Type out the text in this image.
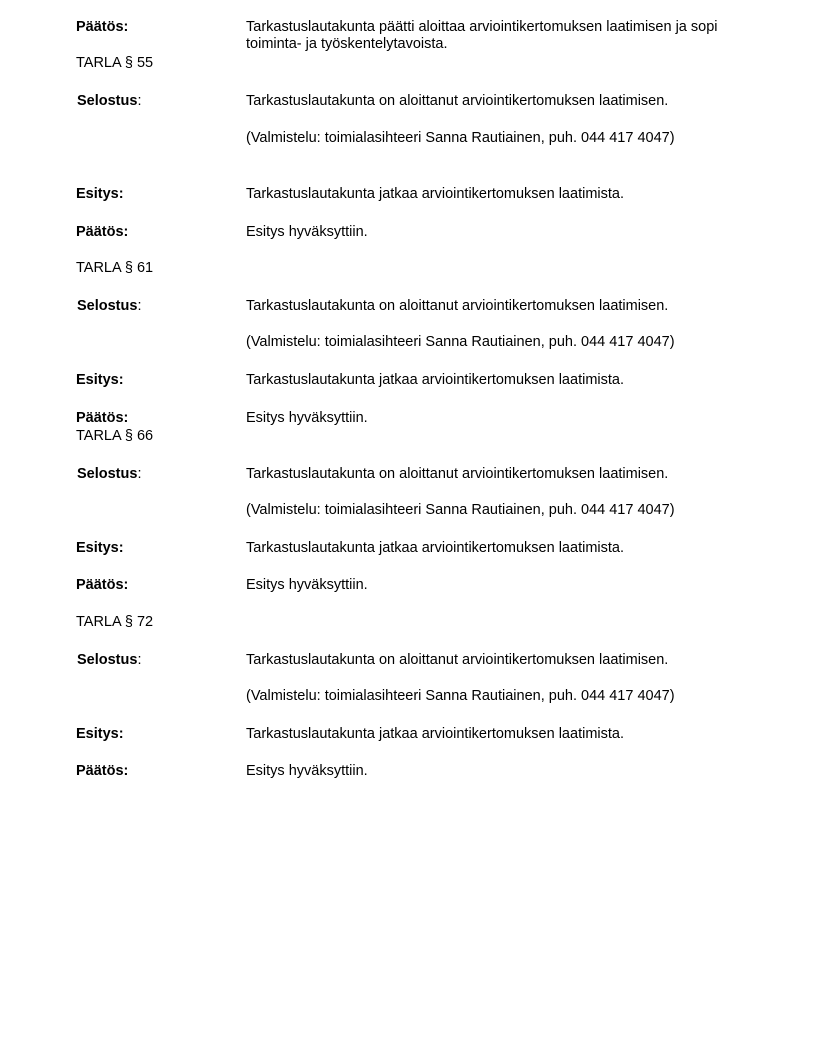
Päätös:	Tarkastuslautakunta päätti aloittaa arviointikertomuksen laatimisen ja sopi toiminta- ja työskentelytavoista.
TARLA § 55
Selostus:	Tarkastuslautakunta on aloittanut arviointikertomuksen laatimisen.
(Valmistelu: toimialasihteeri Sanna Rautiainen, puh. 044 417 4047)
Esitys:	Tarkastuslautakunta jatkaa arviointikertomuksen laatimista.
Päätös:	Esitys hyväksyttiin.
TARLA § 61
Selostus:	Tarkastuslautakunta on aloittanut arviointikertomuksen laatimisen.
(Valmistelu: toimialasihteeri Sanna Rautiainen, puh. 044 417 4047)
Esitys:	Tarkastuslautakunta jatkaa arviointikertomuksen laatimista.
Päätös:	Esitys hyväksyttiin.
TARLA § 66
Selostus:	Tarkastuslautakunta on aloittanut arviointikertomuksen laatimisen.
(Valmistelu: toimialasihteeri Sanna Rautiainen, puh. 044 417 4047)
Esitys:	Tarkastuslautakunta jatkaa arviointikertomuksen laatimista.
Päätös:	Esitys hyväksyttiin.
TARLA § 72
Selostus:	Tarkastuslautakunta on aloittanut arviointikertomuksen laatimisen.
(Valmistelu: toimialasihteeri Sanna Rautiainen, puh. 044 417 4047)
Esitys:	Tarkastuslautakunta jatkaa arviointikertomuksen laatimista.
Päätös:	Esitys hyväksyttiin.
